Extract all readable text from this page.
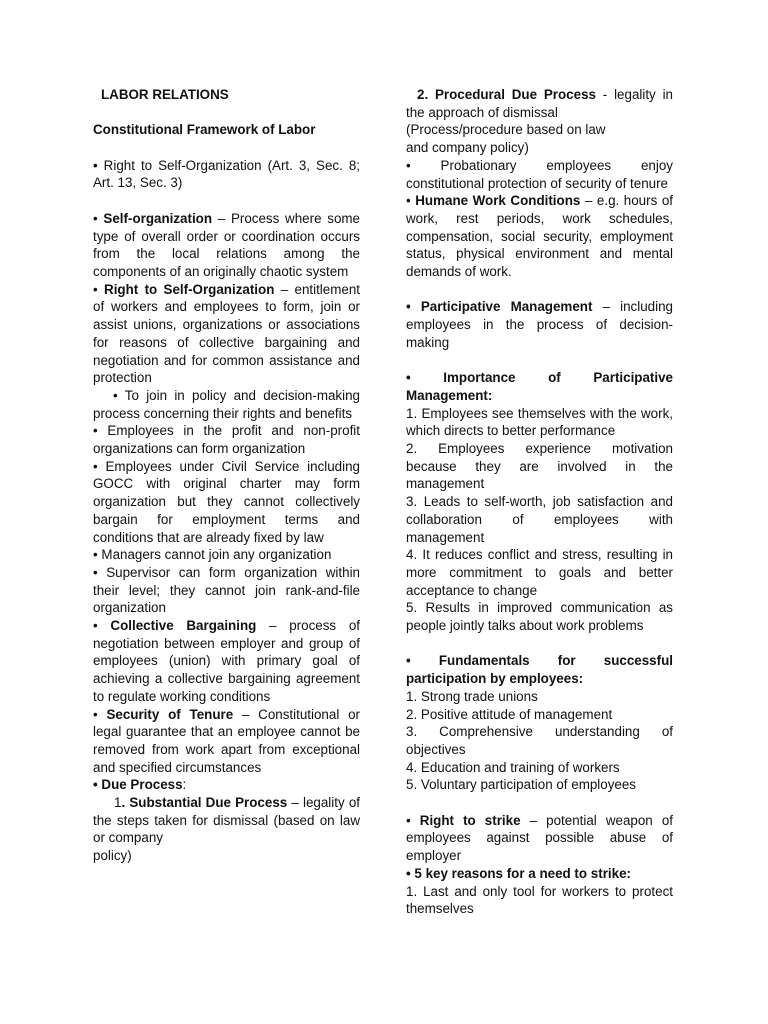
LABOR RELATIONS

Constitutional Framework of Labor

• Right to Self-Organization (Art. 3, Sec. 8; Art. 13, Sec. 3)

• Self-organization – Process where some type of overall order or coordination occurs from the local relations among the components of an originally chaotic system

• Right to Self-Organization – entitlement of workers and employees to form, join or assist unions, organizations or associations for reasons of collective bargaining and negotiation and for common assistance and protection

• To join in policy and decision-making process concerning their rights and benefits

• Employees in the profit and non-profit organizations can form organization

• Employees under Civil Service including GOCC with original charter may form organization but they cannot collectively bargain for employment terms and conditions that are already fixed by law

• Managers cannot join any organization

• Supervisor can form organization within their level; they cannot join rank-and-file organization

• Collective Bargaining – process of negotiation between employer and group of employees (union) with primary goal of achieving a collective bargaining agreement to regulate working conditions

• Security of Tenure – Constitutional or legal guarantee that an employee cannot be removed from work apart from exceptional and specified circumstances

• Due Process:

1. Substantial Due Process – legality of the steps taken for dismissal (based on law or company

policy)

2. Procedural Due Process - legality in the approach of dismissal

(Process/procedure based on law

and company policy)

• Probationary employees enjoy constitutional protection of security of tenure

• Humane Work Conditions – e.g. hours of work, rest periods, work schedules, compensation, social security, employment status, physical environment and mental demands of work.

• Participative Management – including employees in the process of decision-making

• Importance of Participative Management:

1. Employees see themselves with the work, which directs to better performance

2. Employees experience motivation because they are involved in the management

3. Leads to self-worth, job satisfaction and collaboration of employees with management

4. It reduces conflict and stress, resulting in more commitment to goals and better acceptance to change

5. Results in improved communication as people jointly talks about work problems

• Fundamentals for successful participation by employees:

1. Strong trade unions

2. Positive attitude of management

3. Comprehensive understanding of objectives

4. Education and training of workers

5. Voluntary participation of employees

• Right to strike – potential weapon of employees against possible abuse of employer

• 5 key reasons for a need to strike:

1. Last and only tool for workers to protect themselves
